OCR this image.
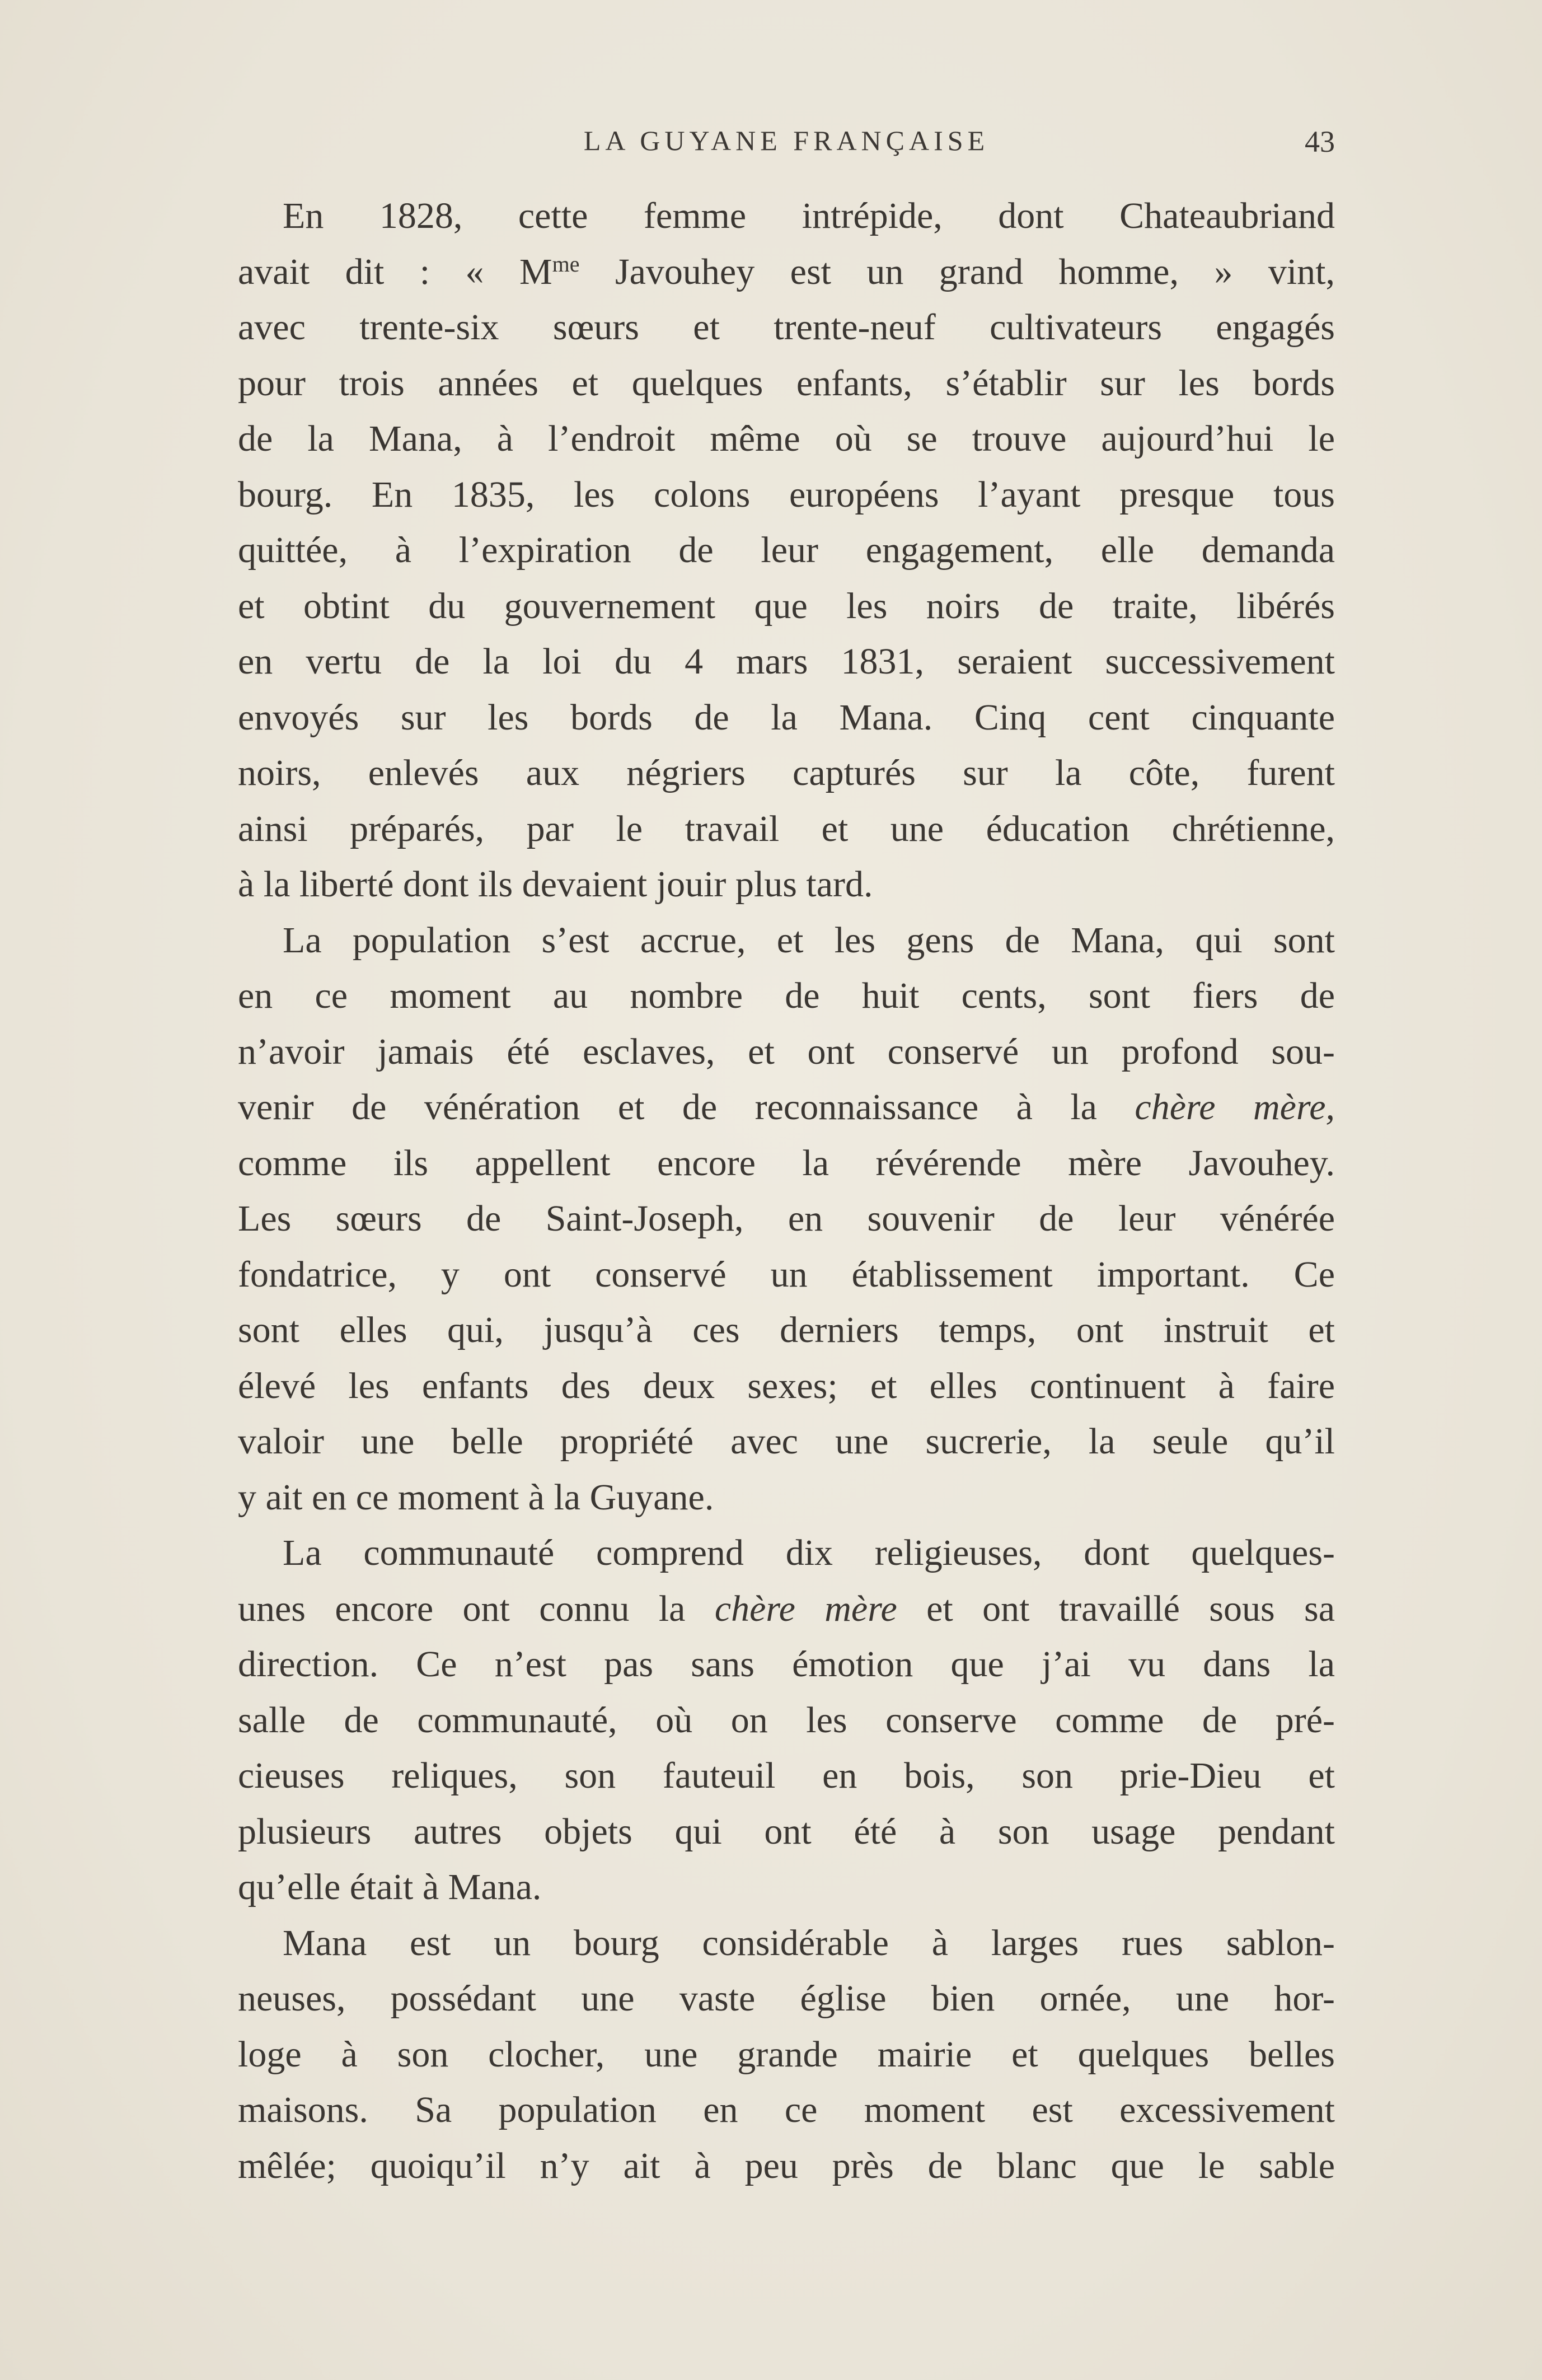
LA GUYANE FRANÇAISE	43
En 1828, cette femme intrépide, dont Chateaubriand
avait dit : « $M^{me}$ Javouhey est un grand homme, » vint,
avec trente-six sœurs et trente-neuf cultivateurs engagés
pour trois années et quelques enfants, s’établir sur les bords
de la Mana, à l’endroit même où se trouve aujourd’hui le
bourg. En 1835, les colons européens l’ayant presque tous
quittée, à l’expiration de leur engagement, elle demanda
et obtint du gouvernement que les noirs de traite, libérés
en vertu de la loi du 4 mars 1831, seraient successivement
envoyés sur les bords de la Mana. Cinq cent cinquante
noirs, enlevés aux négriers capturés sur la côte, furent
ainsi préparés, par le travail et une éducation chrétienne,
à la liberté dont ils devaient jouir plus tard.
La population s’est accrue, et les gens de Mana, qui sont
en ce moment au nombre de huit cents, sont fiers de
n’avoir jamais été esclaves, et ont conservé un profond sou-
venir de vénération et de reconnaissance à la chère mère,
comme ils appellent encore la révérende mère Javouhey.
Les sœurs de Saint-Joseph, en souvenir de leur vénérée
fondatrice, y ont conservé un établissement important. Ce
sont elles qui, jusqu’à ces derniers temps, ont instruit et
élevé les enfants des deux sexes; et elles continuent à faire
valoir une belle propriété avec une sucrerie, la seule qu’il
y ait en ce moment à la Guyane.
La communauté comprend dix religieuses, dont quelques-
unes encore ont connu la chère mère et ont travaillé sous sa
direction. Ce n’est pas sans émotion que j’ai vu dans la
salle de communauté, où on les conserve comme de pré-
cieuses reliques, son fauteuil en bois, son prie-Dieu et
plusieurs autres objets qui ont été à son usage pendant
qu’elle était à Mana.
Mana est un bourg considérable à larges rues sablon-
neuses, possédant une vaste église bien ornée, une hor-
loge à son clocher, une grande mairie et quelques belles
maisons. Sa population en ce moment est excessivement
mêlée; quoiqu’il n’y ait à peu près de blanc que le sable
